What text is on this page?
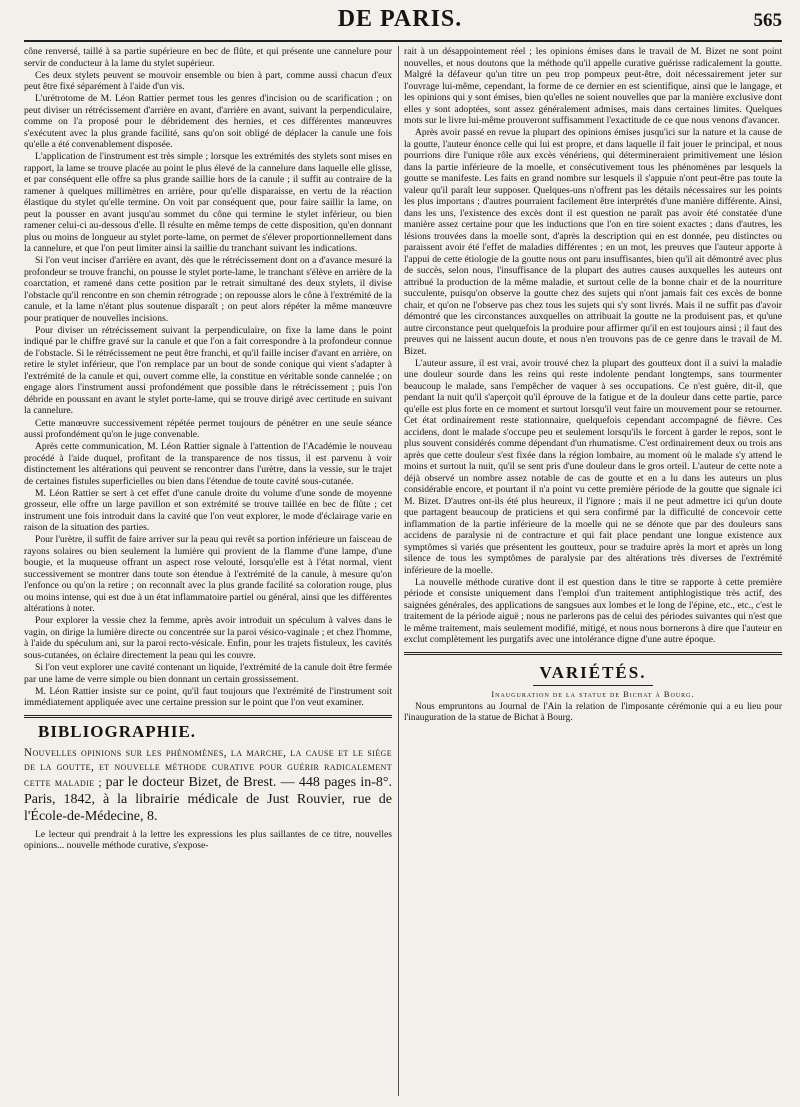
DE PARIS.	565

cône renversé, taillé à sa partie supérieure en bec de flûte, et qui présente une cannelure pour servir de conducteur à la lame du stylet supérieur.

Ces deux stylets peuvent se mouvoir ensemble ou bien à part, comme aussi chacun d'eux peut être fixé séparément à l'aide d'un vis.

L'urétrotome de M. Léon Rattier permet tous les genres d'incision ou de scarification ; on peut diviser un rétrécissement d'arrière en avant, d'arrière en avant, suivant la perpendiculaire, comme on l'a proposé pour le débridement des hernies, et ces différentes manœuvres s'exécutent avec la plus grande facilité, sans qu'on soit obligé de déplacer la canule une fois qu'elle a été convenablement disposée.

L'application de l'instrument est très simple ; lorsque les extrémités des stylets sont mises en rapport, la lame se trouve placée au point le plus élevé de la cannelure dans laquelle elle glisse, et par conséquent elle offre sa plus grande saillie hors de la canule ; il suffit au contraire de la ramener à quelques millimètres en arrière, pour qu'elle disparaisse, en vertu de la réaction élastique du stylet qu'elle termine. On voit par conséquent que, pour faire saillir la lame, on peut la pousser en avant jusqu'au sommet du cône qui termine le stylet inférieur, ou bien ramener celui-ci au-dessous d'elle. Il résulte en même temps de cette disposition, qu'en donnant plus ou moins de longueur au stylet porte-lame, on permet de s'élever proportionnellement dans la cannelure, et que l'on peut limiter ainsi la saillie du tranchant suivant les indications.

Si l'on veut inciser d'arrière en avant, dès que le rétrécissement dont on a d'avance mesuré la profondeur se trouve franchi, on pousse le stylet porte-lame, le tranchant s'élève en arrière de la coarctation, et ramené dans cette position par le retrait simultané des deux stylets, il divise l'obstacle qu'il rencontre en son chemin rétrograde ; on repousse alors le cône à l'extrémité de la canule, et la lame n'étant plus soutenue disparaît ; on peut alors répéter la même manœuvre pour pratiquer de nouvelles incisions.

Pour diviser un rétrécissement suivant la perpendiculaire, on fixe la lame dans le point indiqué par le chiffre gravé sur la canule et que l'on a fait correspondre à la profondeur connue de l'obstacle. Si le rétrécissement ne peut être franchi, et qu'il faille inciser d'avant en arrière, on retire le stylet inférieur, que l'on remplace par un bout de sonde conique qui vient s'adapter à l'extrémité de la canule et qui, ouvert comme elle, la constitue en véritable sonde cannelée ; on engage alors l'instrument aussi profondément que possible dans le rétrécissement ; puis l'on débride en poussant en avant le stylet porte-lame, qui se trouve dirigé avec certitude en suivant la cannelure.

Cette manœuvre successivement répétée permet toujours de pénétrer en une seule séance aussi profondément qu'on le juge convenable.

Après cette communication, M. Léon Rattier signale à l'attention de l'Académie le nouveau procédé à l'aide duquel, profitant de la transparence de nos tissus, il est parvenu à voir distinctement les altérations qui peuvent se rencontrer dans l'urètre, dans la vessie, sur le trajet de certaines fistules superficielles ou bien dans l'étendue de toute cavité sous-cutanée.

M. Léon Rattier se sert à cet effet d'une canule droite du volume d'une sonde de moyenne grosseur, elle offre un large pavillon et son extrémité se trouve taillée en bec de flûte ; cet instrument une fois introduit dans la cavité que l'on veut explorer, le mode d'éclairage varie en raison de la situation des parties.

Pour l'urètre, il suffit de faire arriver sur la peau qui revêt sa portion inférieure un faisceau de rayons solaires ou bien seulement la lumière qui provient de la flamme d'une lampe, d'une bougie, et la muqueuse offrant un aspect rose velouté, lorsqu'elle est à l'état normal, vient successivement se montrer dans toute son étendue à l'extrémité de la canule, à mesure qu'on l'enfonce ou qu'on la retire ; on reconnaît avec la plus grande facilité sa coloration rouge, plus ou moins intense, qui est due à un état inflammatoire partiel ou général, ainsi que les différentes altérations à noter.

Pour explorer la vessie chez la femme, après avoir introduit un spéculum à valves dans le vagin, on dirige la lumière directe ou concentrée sur la paroi vésico-vaginale ; et chez l'homme, à l'aide du spéculum ani, sur la paroi recto-vésicale. Enfin, pour les trajets fistuleux, les cavités sous-cutanées, on éclaire directement la peau qui les couvre.

Si l'on veut explorer une cavité contenant un liquide, l'extrémité de la canule doit être fermée par une lame de verre simple ou bien donnant un certain grossissement.

M. Léon Rattier insiste sur ce point, qu'il faut toujours que l'extrémité de l'instrument soit immédiatement appliquée avec une certaine pression sur le point que l'on veut examiner.

BIBLIOGRAPHIE.

Nouvelles opinions sur les phénomènes, la marche, la cause et le siége de la goutte, et nouvelle méthode curative pour guérir radicalement cette maladie ; par le docteur Bizet, de Brest. — 448 pages in-8°. Paris, 1842, à la librairie médicale de Just Rouvier, rue de l'École-de-Médecine, 8.

Le lecteur qui prendrait à la lettre les expressions les plus saillantes de ce titre, nouvelles opinions... nouvelle méthode curative, s'expose-

rait à un désappointement réel ; les opinions émises dans le travail de M. Bizet ne sont point nouvelles, et nous doutons que la méthode qu'il appelle curative guérisse radicalement la goutte. Malgré la défaveur qu'un titre un peu trop pompeux peut-être, doit nécessairement jeter sur l'ouvrage lui-même, cependant, la forme de ce dernier en est scientifique, ainsi que le langage, et les opinions qui y sont émises, bien qu'elles ne soient nouvelles que par la manière exclusive dont elles y sont adoptées, sont assez généralement admises, mais dans certaines limites. Quelques mots sur le livre lui-même prouveront suffisamment l'exactitude de ce que nous venons d'avancer.

Après avoir passé en revue la plupart des opinions émises jusqu'ici sur la nature et la cause de la goutte, l'auteur énonce celle qui lui est propre, et dans laquelle il fait jouer le principal, et nous pourrions dire l'unique rôle aux excès vénériens, qui détermineraient primitivement une lésion dans la partie inférieure de la moelle, et consécutivement tous les phénomènes par lesquels la goutte se manifeste. Les faits en grand nombre sur lesquels il s'appuie n'ont peut-être pas toute la valeur qu'il paraît leur supposer. Quelques-uns n'offrent pas les détails nécessaires sur les points les plus importans ; d'autres pourraient facilement être interprétés d'une manière différente. Ainsi, dans les uns, l'existence des excès dont il est question ne paraît pas avoir été constatée d'une manière assez certaine pour que les inductions que l'on en tire soient exactes ; dans d'autres, les lésions trouvées dans la moelle sont, d'après la description qui en est donnée, peu distinctes ou paraissent avoir été l'effet de maladies différentes ; en un mot, les preuves que l'auteur apporte à l'appui de cette étiologie de la goutte nous ont paru insuffisantes, bien qu'il ait démontré avec plus de succès, selon nous, l'insuffisance de la plupart des autres causes auxquelles les auteurs ont attribué la production de la même maladie, et surtout celle de la bonne chair et de la nourriture succulente, puisqu'on observe la goutte chez des sujets qui n'ont jamais fait ces excès de bonne chair, et qu'on ne l'observe pas chez tous les sujets qui s'y sont livrés. Mais il ne suffit pas d'avoir démontré que les circonstances auxquelles on attribuait la goutte ne la produisent pas, et qu'une autre circonstance peut quelquefois la produire pour affirmer qu'il en est toujours ainsi ; il faut des preuves qui ne laissent aucun doute, et nous n'en trouvons pas de ce genre dans le travail de M. Bizet.

L'auteur assure, il est vrai, avoir trouvé chez la plupart des goutteux dont il a suivi la maladie une douleur sourde dans les reins qui reste indolente pendant longtemps, sans tourmenter beaucoup le malade, sans l'empêcher de vaquer à ses occupations. Ce n'est guère, dit-il, que pendant la nuit qu'il s'aperçoit qu'il éprouve de la fatigue et de la douleur dans cette partie, parce qu'elle est plus forte en ce moment et surtout lorsqu'il veut faire un mouvement pour se retourner. Cet état ordinairement reste stationnaire, quelquefois cependant accompagné de fièvre. Ces accidens, dont le malade s'occupe peu et seulement lorsqu'ils le forcent à garder le repos, sont le plus souvent considérés comme dépendant d'un rhumatisme. C'est ordinairement deux ou trois ans après que cette douleur s'est fixée dans la région lombaire, au moment où le malade s'y attend le moins et surtout la nuit, qu'il se sent pris d'une douleur dans le gros orteil. L'auteur de cette note a déjà observé un nombre assez notable de cas de goutte et en a lu dans les auteurs un plus considérable encore, et pourtant il n'a point vu cette première période de la goutte que signale ici M. Bizet. D'autres ont-ils été plus heureux, il l'ignore ; mais il ne peut admettre ici qu'un doute que partagent beaucoup de praticiens et qui sera confirmé par la difficulté de concevoir cette inflammation de la partie inférieure de la moelle qui ne se dénote que par des douleurs sans accidens de paralysie ni de contracture et qui fait place pendant une longue existence aux symptômes si variés que présentent les goutteux, pour se traduire après la mort et après un long silence de tous les symptômes de paralysie par des altérations très diverses de l'extrémité inférieure de la moelle.

La nouvelle méthode curative dont il est question dans le titre se rapporte à cette première période et consiste uniquement dans l'emploi d'un traitement antiphlogistique très actif, des saignées générales, des applications de sangsues aux lombes et le long de l'épine, etc., etc., c'est le traitement de la période aiguë ; nous ne parlerons pas de celui des périodes suivantes qui n'est que le même traitement, mais seulement modifié, mitigé, et nous nous bornerons à dire que l'auteur en exclut complètement les purgatifs avec une intolérance digne d'une autre époque.

VARIÉTÉS.
Inauguration de la statue de Bichat à Bourg.

Nous empruntons au Journal de l'Ain la relation de l'imposante cérémonie qui a eu lieu pour l'inauguration de la statue de Bichat à Bourg.
